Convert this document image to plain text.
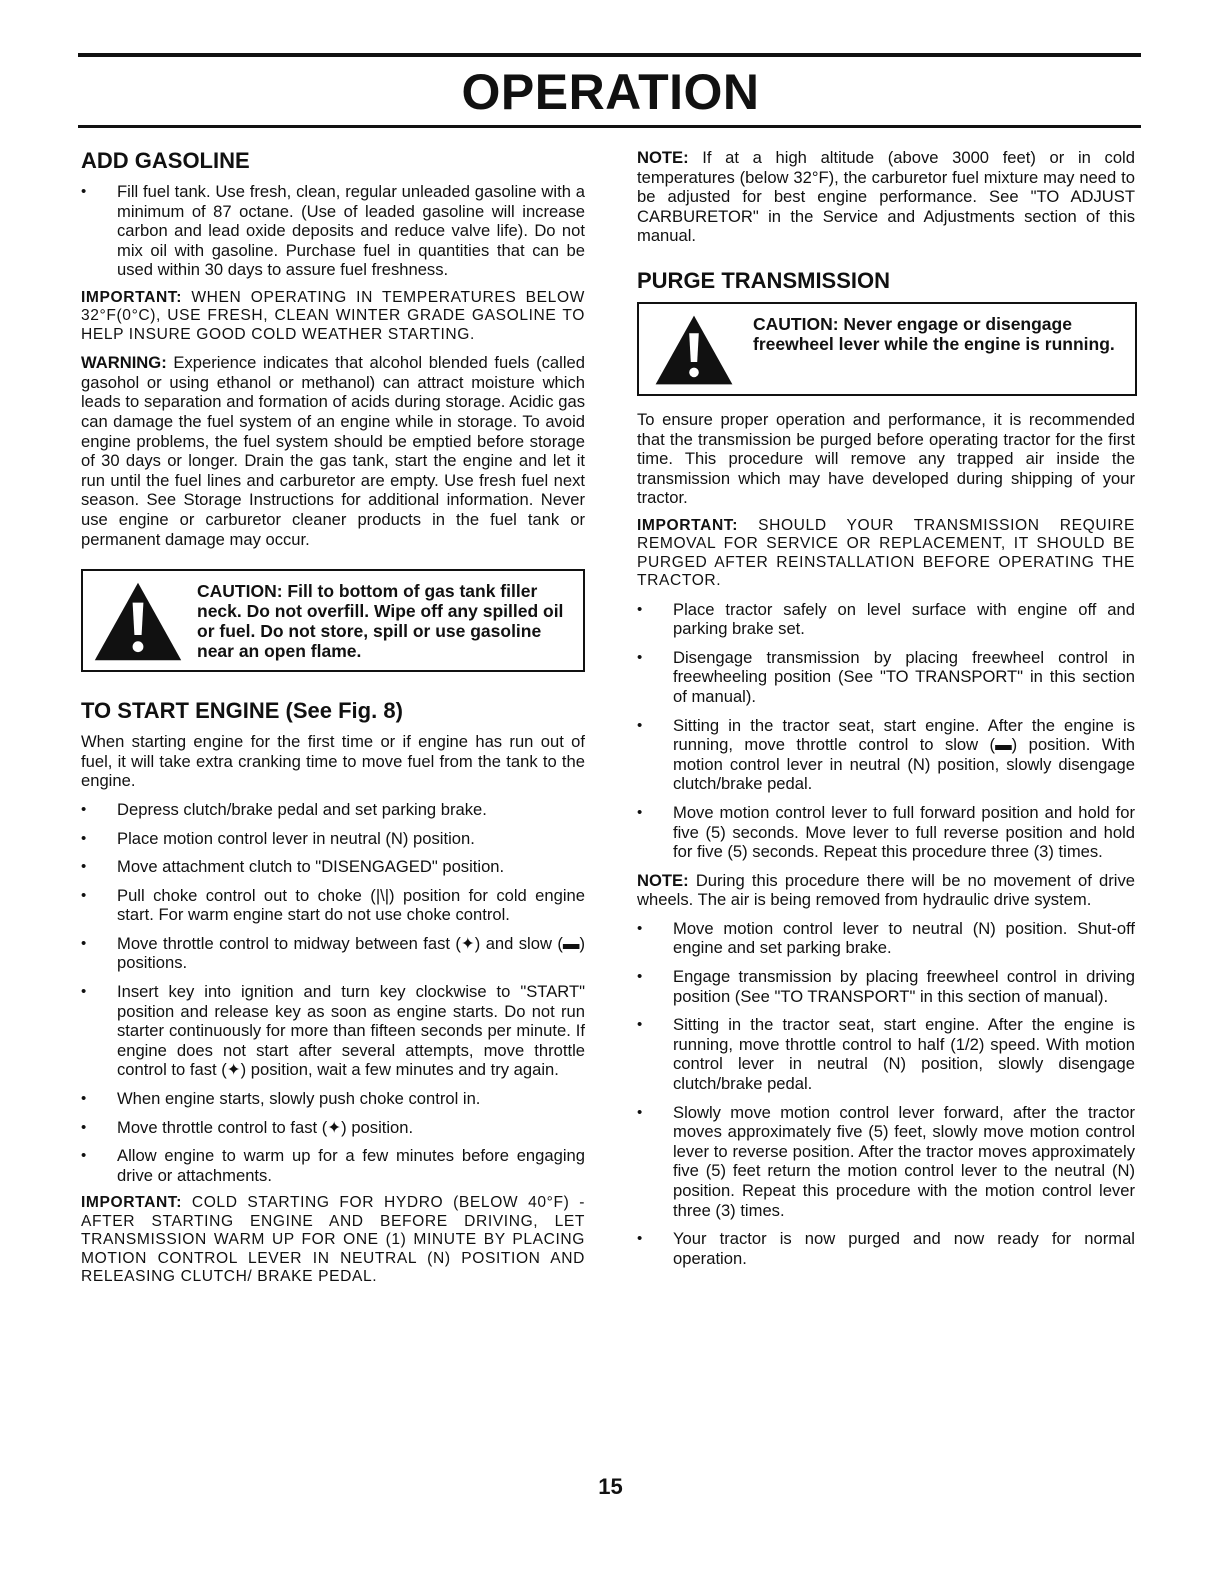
OPERATION
ADD GASOLINE
• Fill fuel tank. Use fresh, clean, regular unleaded gasoline with a minimum of 87 octane. (Use of leaded gasoline will increase carbon and lead oxide deposits and reduce valve life). Do not mix oil with gasoline. Purchase fuel in quantities that can be used within 30 days to assure fuel freshness.

IMPORTANT: WHEN OPERATING IN TEMPERATURES BELOW 32°F(0°C), USE FRESH, CLEAN WINTER GRADE GASOLINE TO HELP INSURE GOOD COLD WEATHER STARTING.

WARNING: Experience indicates that alcohol blended fuels (called gasohol or using ethanol or methanol) can attract moisture which leads to separation and formation of acids during storage. Acidic gas can damage the fuel system of an engine while in storage. To avoid engine problems, the fuel system should be emptied before storage of 30 days or longer. Drain the gas tank, start the engine and let it run until the fuel lines and carburetor are empty. Use fresh fuel next season. See Storage Instructions for additional information. Never use engine or carburetor cleaner products in the fuel tank or permanent damage may occur.

CAUTION: Fill to bottom of gas tank filler neck. Do not overfill. Wipe off any spilled oil or fuel. Do not store, spill or use gasoline near an open flame.
TO START ENGINE (See Fig. 8)

When starting engine for the first time or if engine has run out of fuel, it will take extra cranking time to move fuel from the tank to the engine.

• Depress clutch/brake pedal and set parking brake.
• Place motion control lever in neutral (N) position.
• Move attachment clutch to "DISENGAGED" position.
• Pull choke control out to choke (|\|) position for cold engine start. For warm engine start do not use choke control.
• Move throttle control to midway between fast (✦) and slow (▬) positions.
• Insert key into ignition and turn key clockwise to "START" position and release key as soon as engine starts. Do not run starter continuously for more than fifteen seconds per minute. If engine does not start after several attempts, move throttle control to fast (✦) position, wait a few minutes and try again.
• When engine starts, slowly push choke control in.
• Move throttle control to fast (✦) position.
• Allow engine to warm up for a few minutes before engaging drive or attachments.

IMPORTANT: COLD STARTING FOR HYDRO (BELOW 40°F) - AFTER STARTING ENGINE AND BEFORE DRIVING, LET TRANSMISSION WARM UP FOR ONE (1) MINUTE BY PLACING MOTION CONTROL LEVER IN NEUTRAL (N) POSITION AND RELEASING CLUTCH/ BRAKE PEDAL.

NOTE: If at a high altitude (above 3000 feet) or in cold temperatures (below 32°F), the carburetor fuel mixture may need to be adjusted for best engine performance. See "TO ADJUST CARBURETOR" in the Service and Adjustments section of this manual.

PURGE TRANSMISSION
CAUTION: Never engage or disengage freewheel lever while the engine is running.

To ensure proper operation and performance, it is recommended that the transmission be purged before operating tractor for the first time. This procedure will remove any trapped air inside the transmission which may have developed during shipping of your tractor.

IMPORTANT: SHOULD YOUR TRANSMISSION REQUIRE REMOVAL FOR SERVICE OR REPLACEMENT, IT SHOULD BE PURGED AFTER REINSTALLATION BEFORE OPERATING THE TRACTOR.

• Place tractor safely on level surface with engine off and parking brake set.
• Disengage transmission by placing freewheel control in freewheeling position (See "TO TRANSPORT" in this section of manual).
• Sitting in the tractor seat, start engine. After the engine is running, move throttle control to slow (▬) position. With motion control lever in neutral (N) position, slowly disengage clutch/brake pedal.
• Move motion control lever to full forward position and hold for five (5) seconds. Move lever to full reverse position and hold for five (5) seconds. Repeat this procedure three (3) times.

NOTE: During this procedure there will be no movement of drive wheels. The air is being removed from hydraulic drive system.

• Move motion control lever to neutral (N) position. Shut-off engine and set parking brake.
• Engage transmission by placing freewheel control in driving position (See "TO TRANSPORT" in this section of manual).
• Sitting in the tractor seat, start engine. After the engine is running, move throttle control to half (1/2) speed. With motion control lever in neutral (N) position, slowly disengage clutch/brake pedal.
• Slowly move motion control lever forward, after the tractor moves approximately five (5) feet, slowly move motion control lever to reverse position. After the tractor moves approximately five (5) feet return the motion control lever to the neutral (N) position. Repeat this procedure with the motion control lever three (3) times.
• Your tractor is now purged and now ready for normal operation.
15
